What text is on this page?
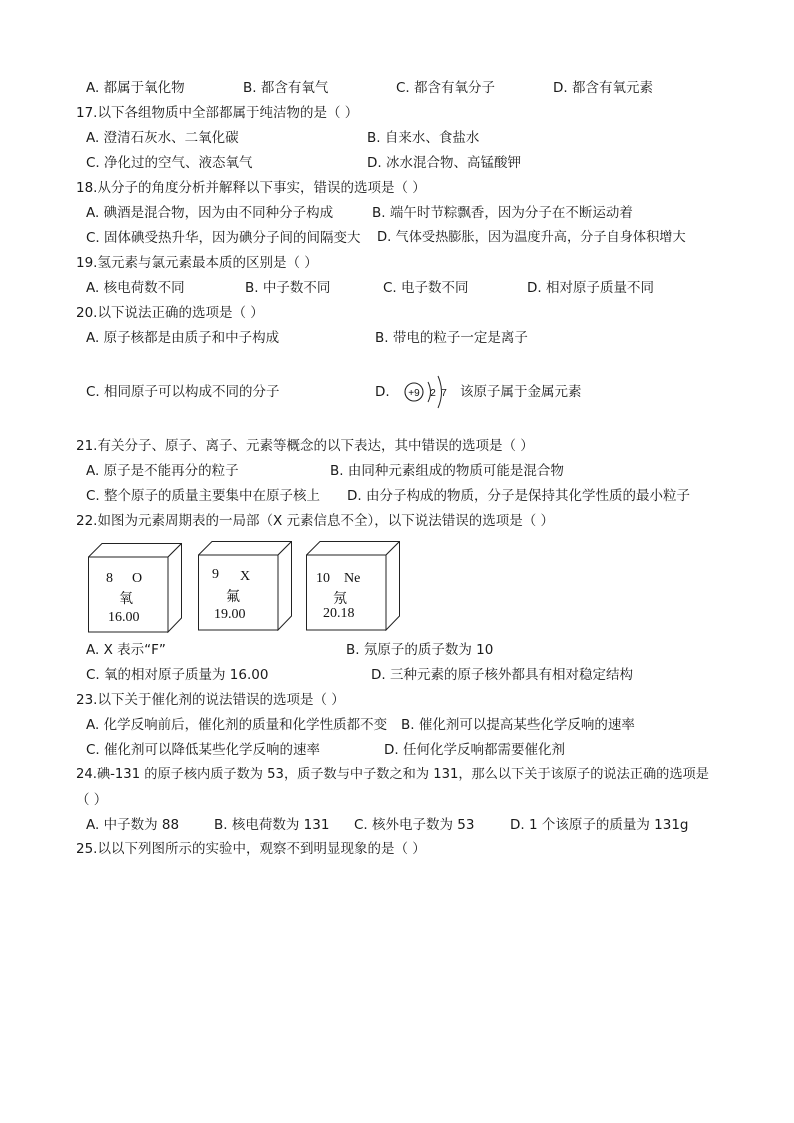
A. 都属于氧化物	B. 都含有氧气	C. 都含有氧分子	D. 都含有氧元素
17.以下各组物质中全部都属于纯洁物的是（ ）
A. 澄清石灰水、二氧化碳	B. 自来水、食盐水
C. 净化过的空气、液态氧气	D. 冰水混合物、高锰酸钾
18.从分子的角度分析并解释以下事实，错误的选项是（ ）
A. 碘酒是混合物，因为由不同种分子构成	B. 端午时节粽飘香，因为分子在不断运动着
C. 固体碘受热升华，因为碘分子间的间隔变大 D. 气体受热膨胀，因为温度升高，分子自身体积增大
19.氢元素与氯元素最本质的区别是（ ）
A. 核电荷数不同	B. 中子数不同	C. 电子数不同	D. 相对原子质量不同
20.以下说法正确的选项是（ ）
A. 原子核都是由质子和中子构成	B. 带电的粒子一定是离子
C. 相同原子可以构成不同的分子	D. +9 2 7 该原子属于金属元素
21.有关分子、原子、离子、元素等概念的以下表达，其中错误的选项是（ ）
A. 原子是不能再分的粒子	B. 由同种元素组成的物质可能是混合物
C. 整个原子的质量主要集中在原子核上 D. 由分子构成的物质，分子是保持其化学性质的最小粒子
22.如图为元素周期表的一局部（X 元素信息不全），以下说法错误的选项是（ ）
8 O
氧
16.00
9 X
氟
19.00
10 Ne
氖
20.18
A. X 表示“F”	B. 氖原子的质子数为 10
C. 氧的相对原子质量为 16.00	D. 三种元素的原子核外都具有相对稳定结构
23.以下关于催化剂的说法错误的选项是（ ）
A. 化学反响前后，催化剂的质量和化学性质都不变 B. 催化剂可以提高某些化学反响的速率
C. 催化剂可以降低某些化学反响的速率	D. 任何化学反响都需要催化剂
24.碘-131 的原子核内质子数为 53，质子数与中子数之和为 131，那么以下关于该原子的说法正确的选项是
（ ）
A. 中子数为 88	B. 核电荷数为 131 C. 核外电子数为 53	D. 1 个该原子的质量为 131g
25.以以下列图所示的实验中，观察不到明显现象的是（ ）
